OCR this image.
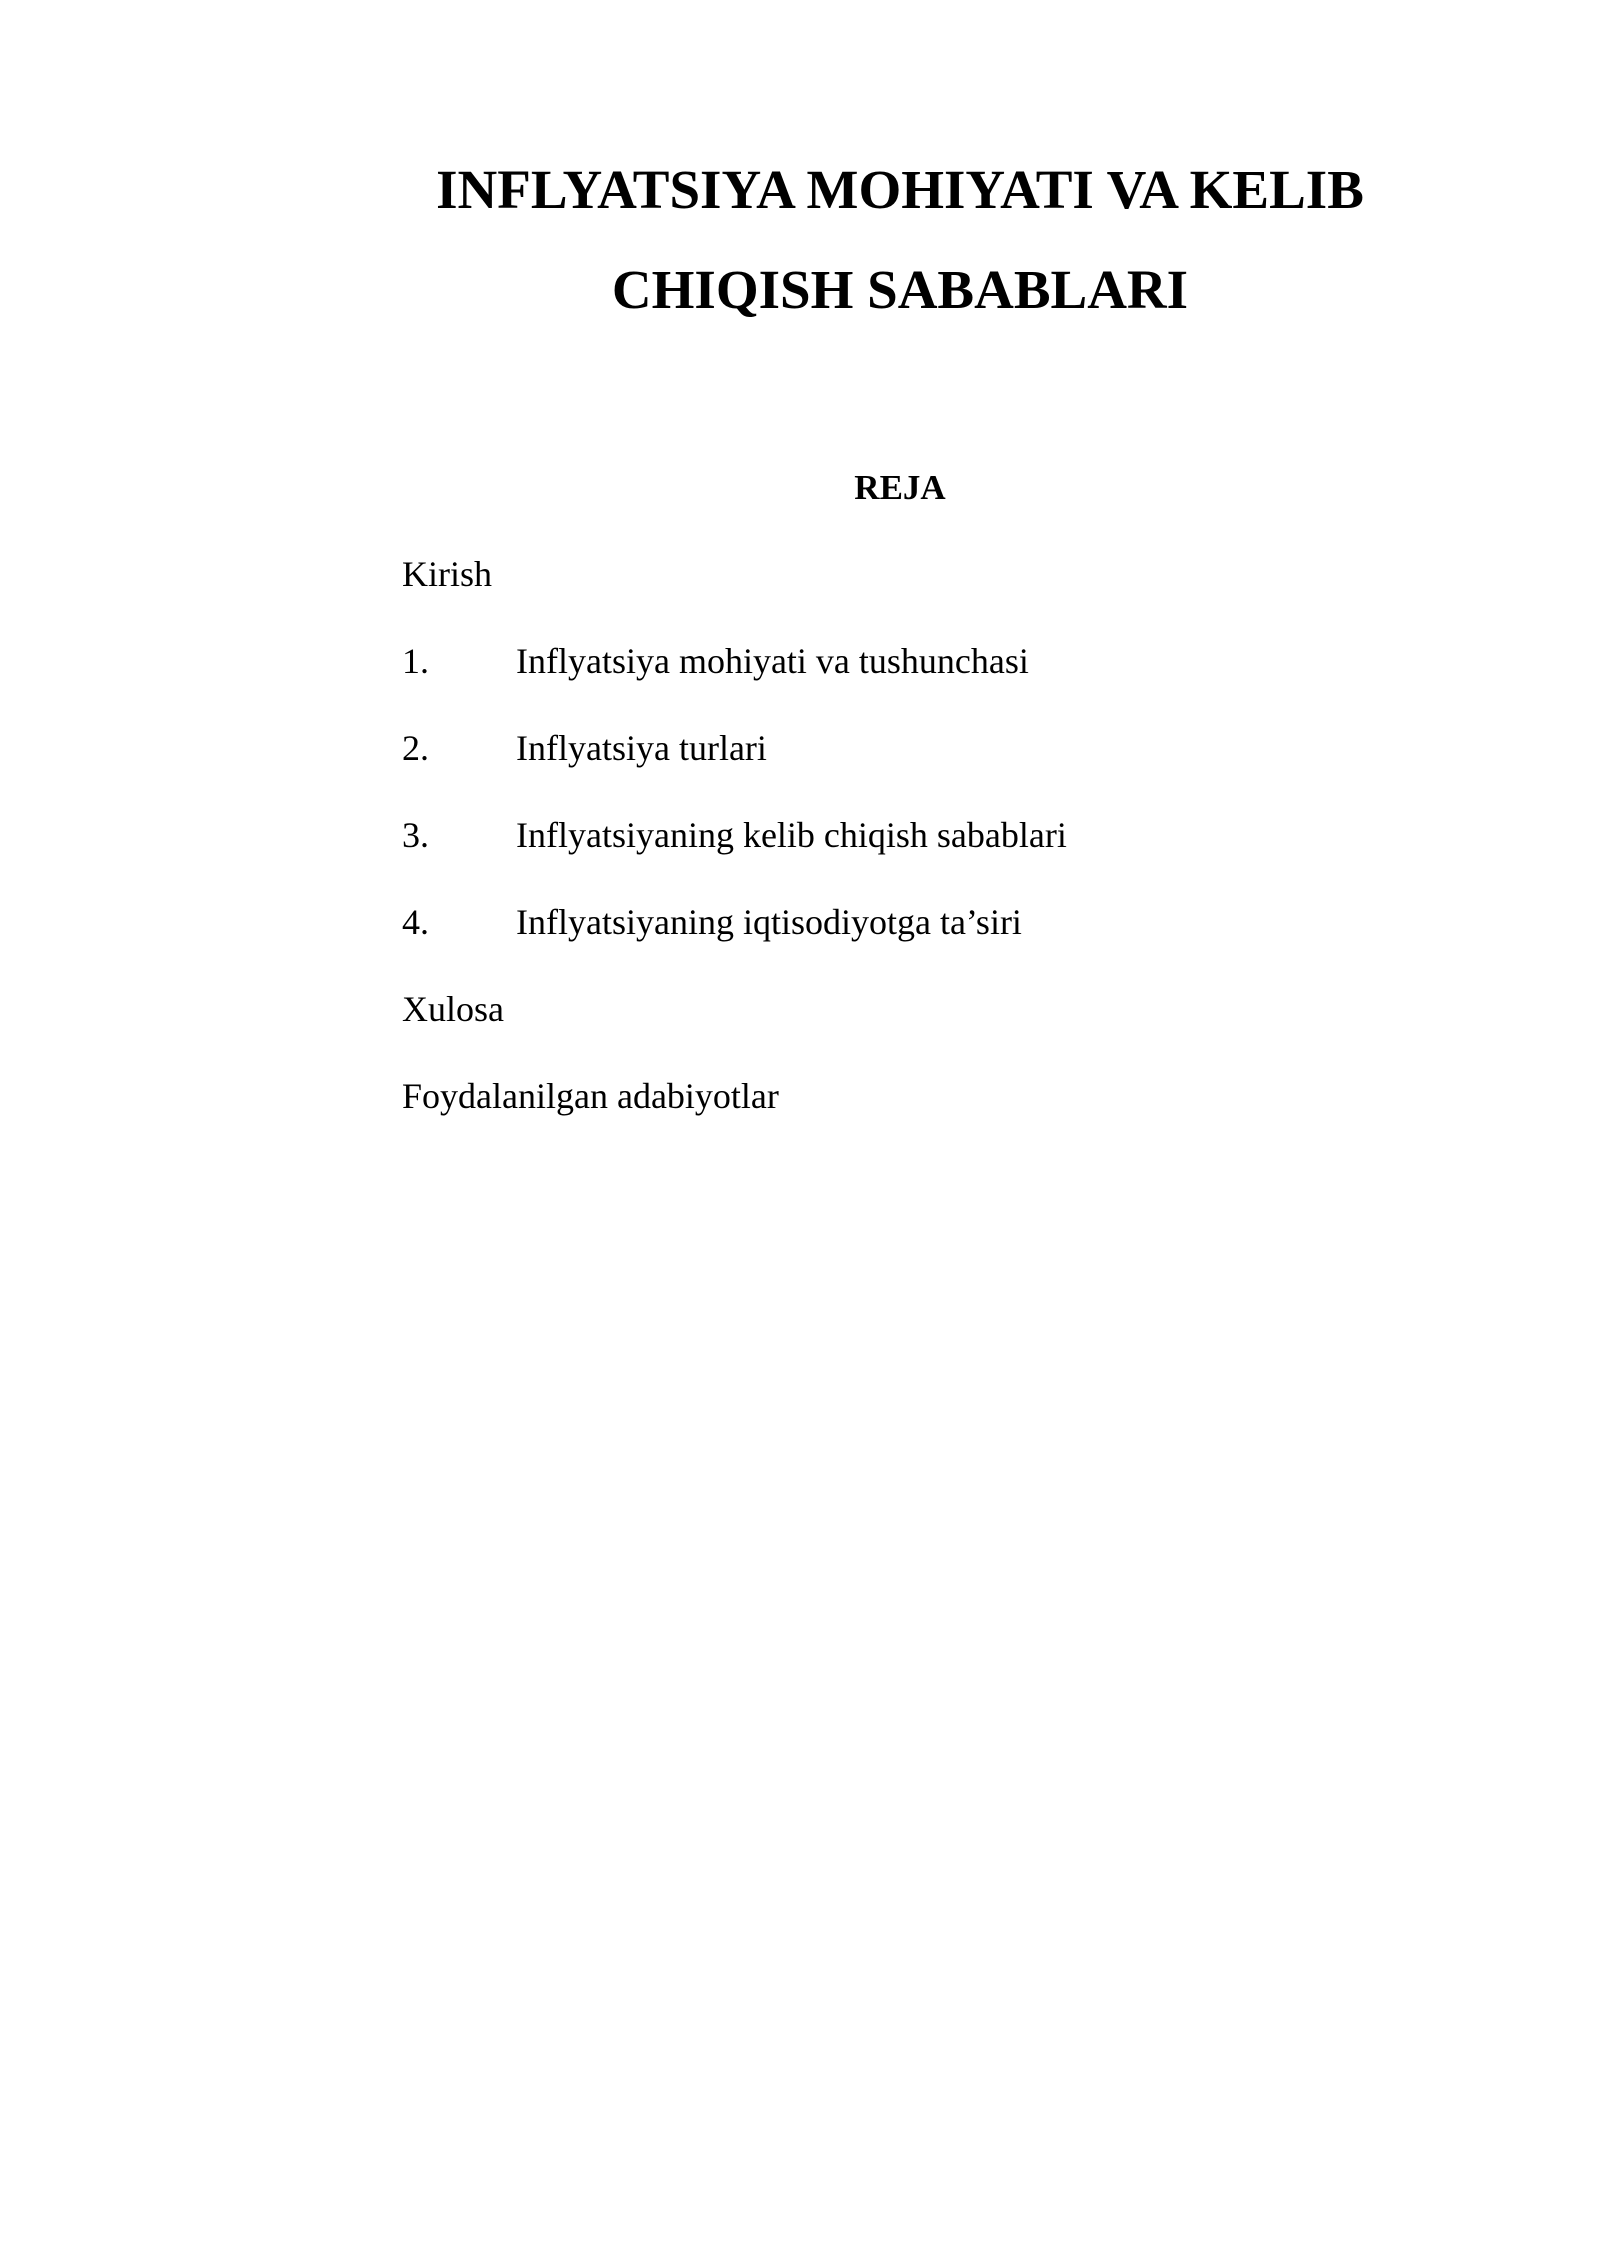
INFLYATSIYA MOHIYATI VA KELIB
CHIQISH SABABLARI
REJA
Kirish
1.	Inflyatsiya mohiyati va tushunchasi
2.	Inflyatsiya turlari
3.	Inflyatsiyaning kelib chiqish sabablari
4.	Inflyatsiyaning iqtisodiyotga ta’siri
Xulosa
Foydalanilgan adabiyotlar
